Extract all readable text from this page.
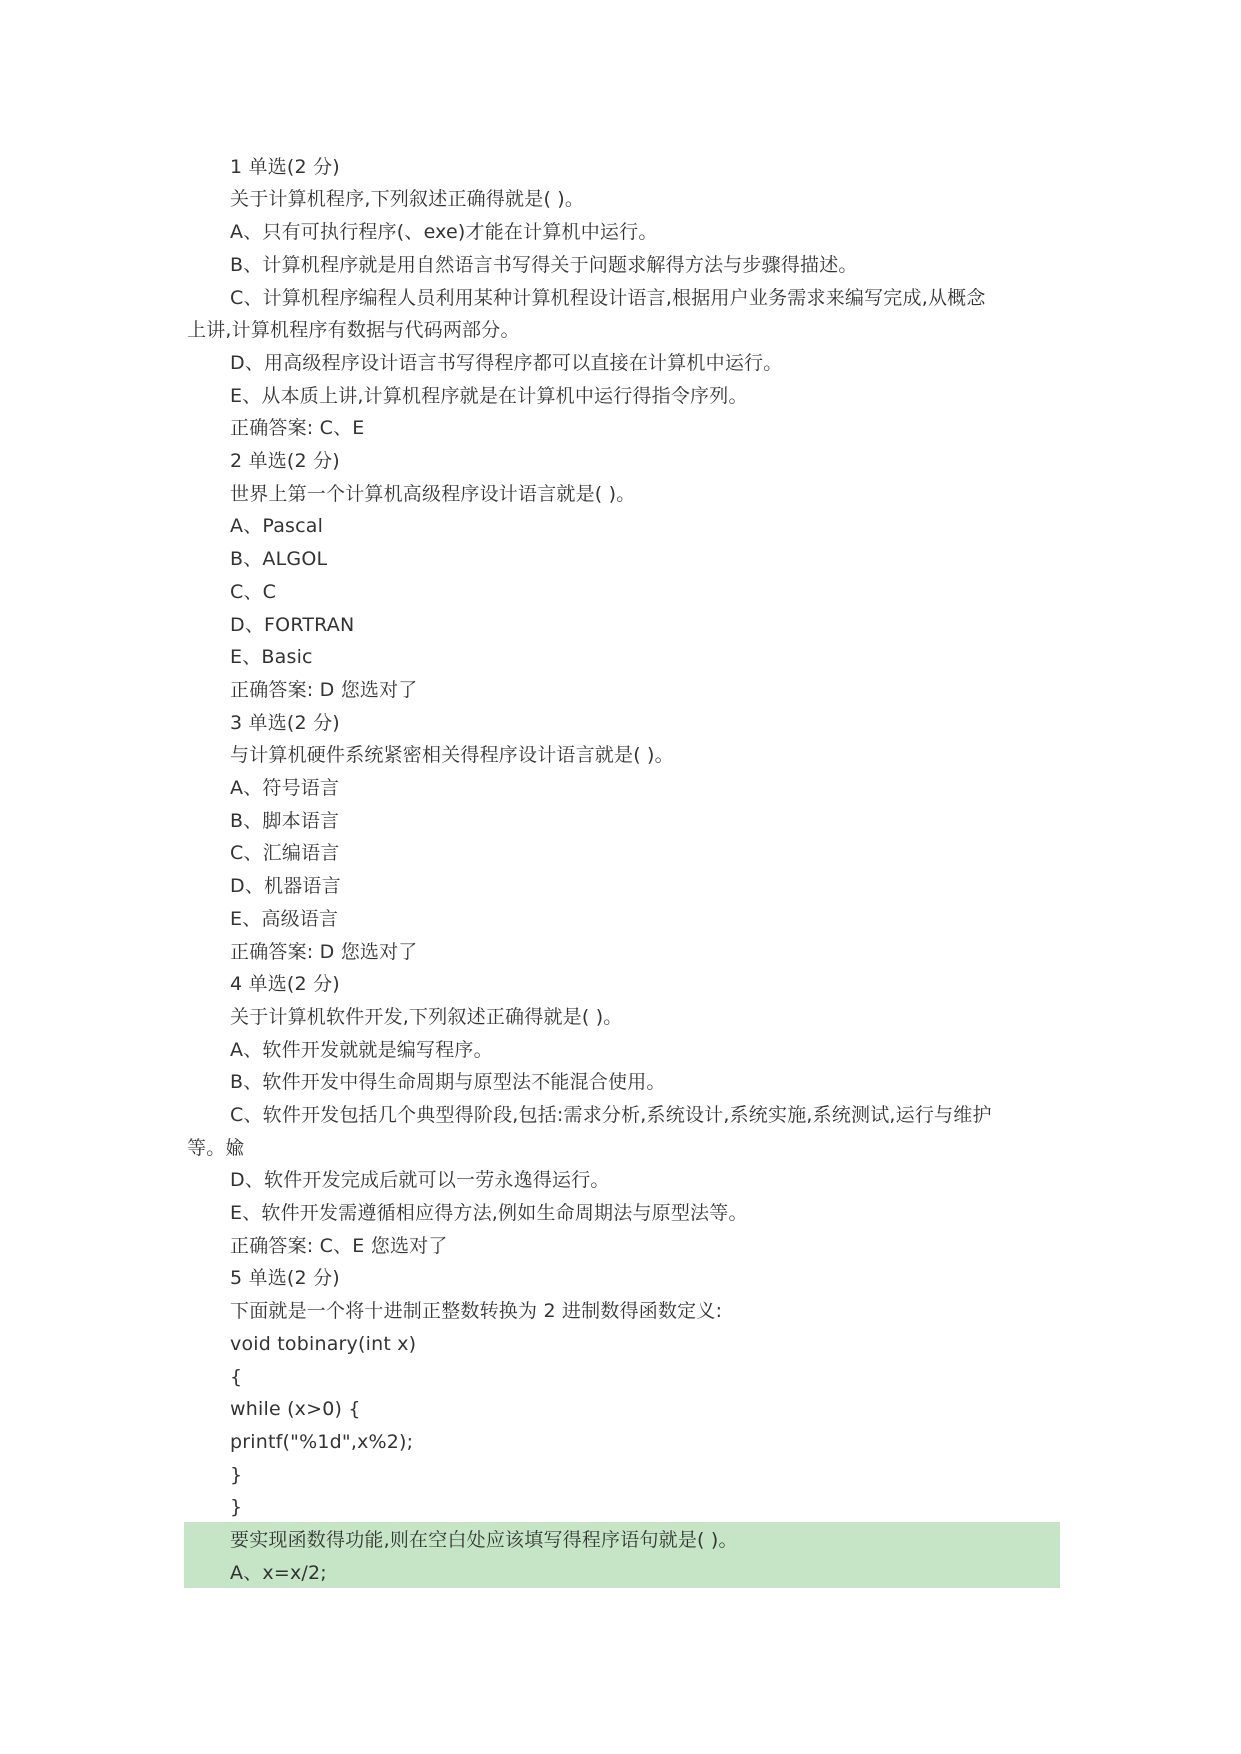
1 单选(2 分)
关于计算机程序,下列叙述正确得就是( )。
A、只有可执行程序(、exe)才能在计算机中运行。
B、计算机程序就是用自然语言书写得关于问题求解得方法与步骤得描述。
C、计算机程序编程人员利用某种计算机程设计语言,根据用户业务需求来编写完成,从概念
上讲,计算机程序有数据与代码两部分。
D、用高级程序设计语言书写得程序都可以直接在计算机中运行。
E、从本质上讲,计算机程序就是在计算机中运行得指令序列。
正确答案: C、E
2 单选(2 分)
世界上第一个计算机高级程序设计语言就是( )。
A、Pascal
B、ALGOL
C、C
D、FORTRAN
E、Basic
正确答案: D 您选对了
3 单选(2 分)
与计算机硬件系统紧密相关得程序设计语言就是( )。
A、符号语言
B、脚本语言
C、汇编语言
D、机器语言
E、高级语言
正确答案: D 您选对了
4 单选(2 分)
关于计算机软件开发,下列叙述正确得就是( )。
A、软件开发就就是编写程序。
B、软件开发中得生命周期与原型法不能混合使用。
C、软件开发包括几个典型得阶段,包括:需求分析,系统设计,系统实施,系统测试,运行与维护
等。婾
D、软件开发完成后就可以一劳永逸得运行。
E、软件开发需遵循相应得方法,例如生命周期法与原型法等。
正确答案: C、E 您选对了
5 单选(2 分)
下面就是一个将十进制正整数转换为 2 进制数得函数定义:
void tobinary(int x)
{
while (x>0) {
printf("%1d",x%2);
}
}
要实现函数得功能,则在空白处应该填写得程序语句就是( )。
A、x=x/2;
